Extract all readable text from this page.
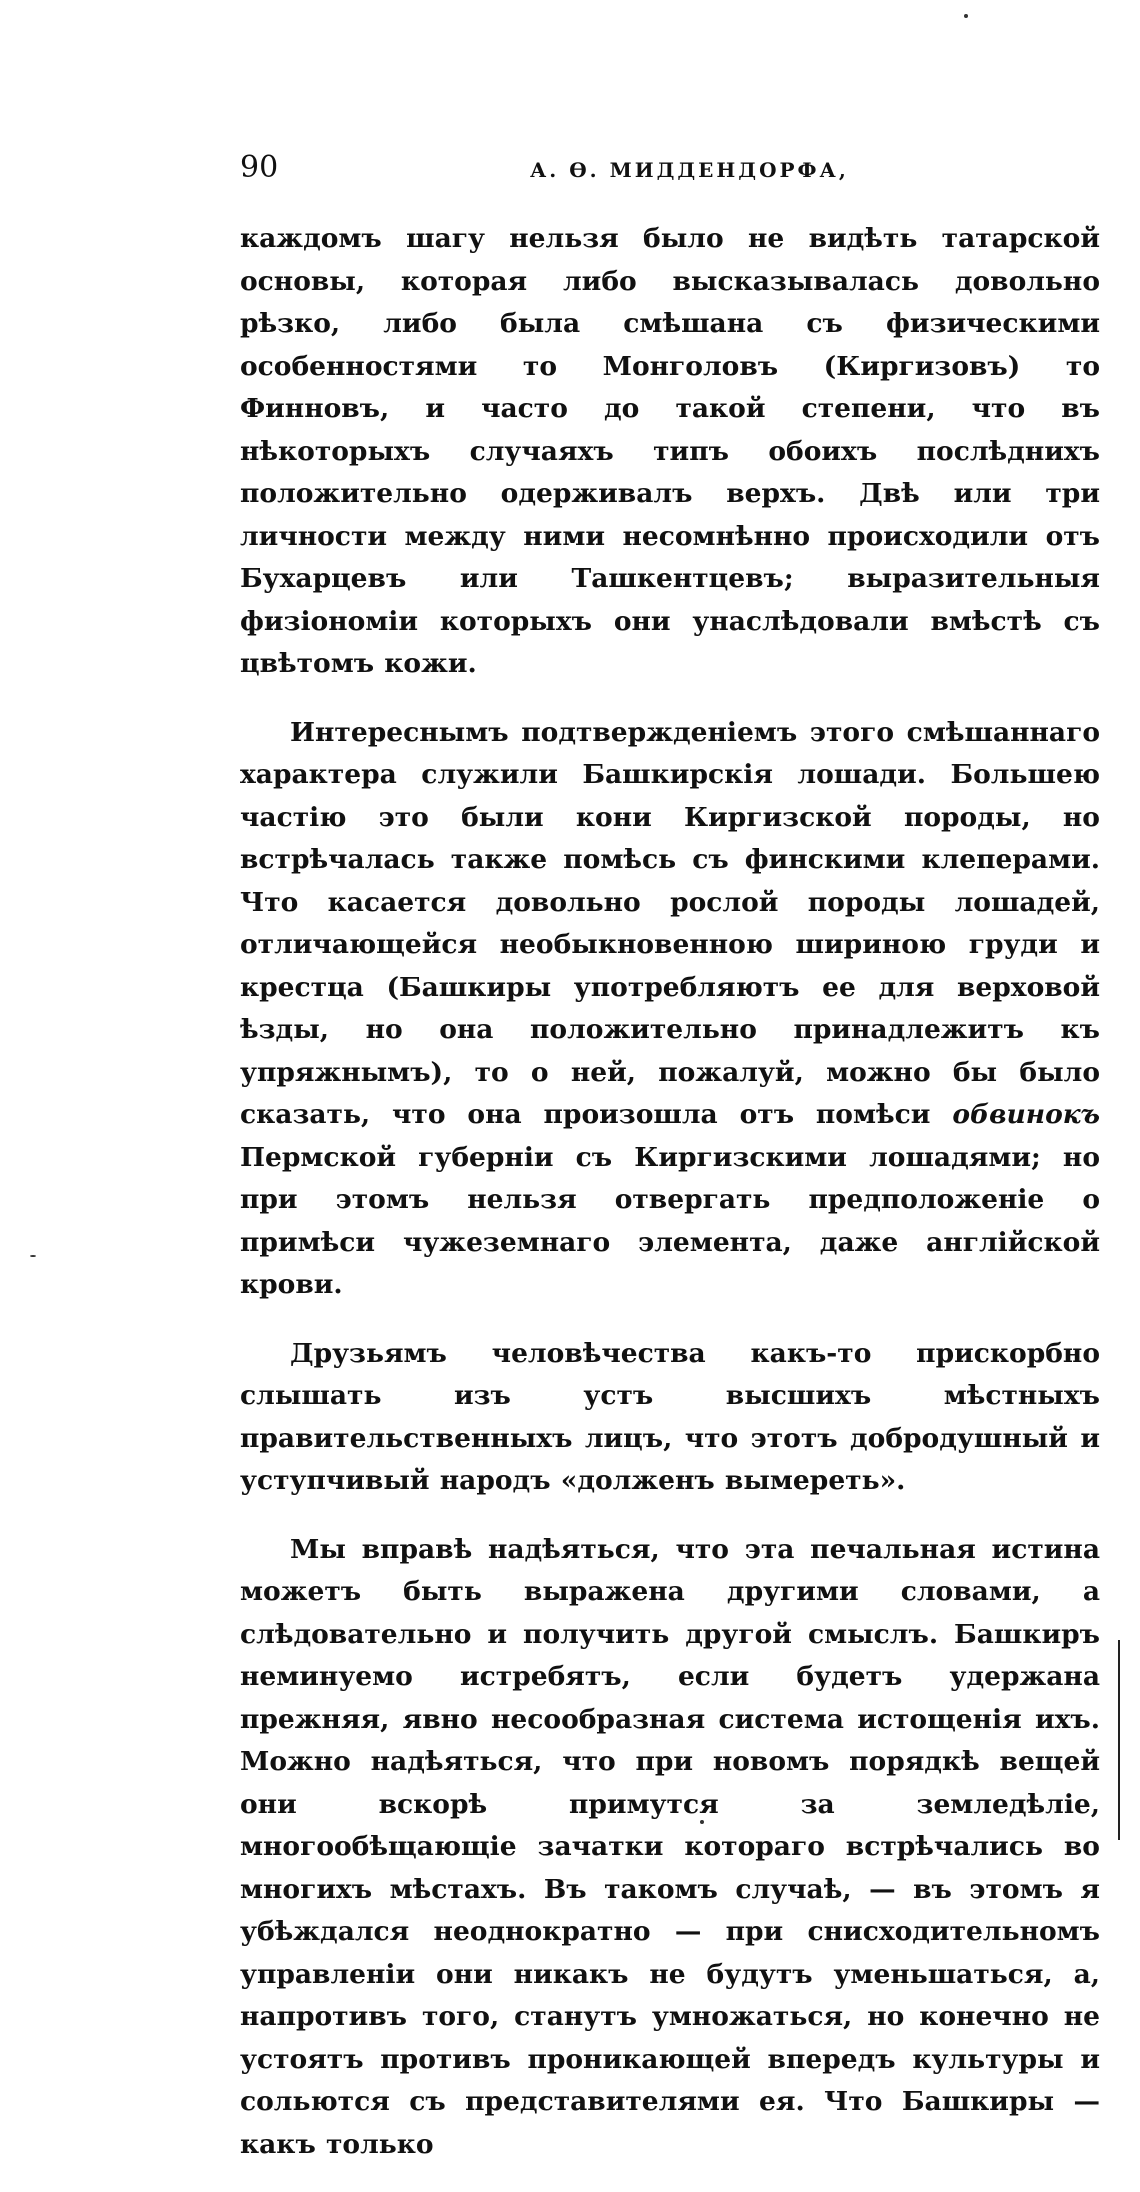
90	А. Ѳ. МИДДЕНДОРФА,

каждомъ шагу нельзя было не видѣть татарской основы, которая либо высказывалась довольно рѣзко, либо была смѣшана съ физическими особенностями то Монголовъ (Киргизовъ) то Финновъ, и часто до такой степени, что въ нѣкоторыхъ случаяхъ типъ обоихъ послѣднихъ положительно одерживалъ верхъ. Двѣ или три личности между ними несомнѣнно происходили отъ Бухарцевъ или Ташкентцевъ; выразительныя физіономіи которыхъ они унаслѣдовали вмѣстѣ съ цвѣтомъ кожи.

Интереснымъ подтвержденіемъ этого смѣшаннаго характера служили Башкирскія лошади. Большею частію это были кони Киргизской породы, но встрѣчалась также помѣсь съ финскими клеперами. Что касается довольно рослой породы лошадей, отличающейся необыкновенною шириною груди и крестца (Башкиры употребляютъ ее для верховой ѣзды, но она положительно принадлежитъ къ упряжнымъ), то о ней, пожалуй, можно бы было сказать, что она произошла отъ помѣси обвинокъ Пермской губерніи съ Киргизскими лошадями; но при этомъ нельзя отвергать предположеніе о примѣси чужеземнаго элемента, даже англійской крови.

Друзьямъ человѣчества какъ-то прискорбно слышать изъ устъ высшихъ мѣстныхъ правительственныхъ лицъ, что этотъ добродушный и уступчивый народъ «долженъ вымереть».

Мы вправѣ надѣяться, что эта печальная истина можетъ быть выражена другими словами, а слѣдовательно и получить другой смыслъ. Башкиръ неминуемо истребятъ, если будетъ удержана прежняя, явно несообразная система истощенія ихъ. Можно надѣяться, что при новомъ порядкѣ вещей они вскорѣ примутся за земледѣліе, многообѣщающіе зачатки котораго встрѣчались во многихъ мѣстахъ. Въ такомъ случаѣ, — въ этомъ я убѣждался неоднократно — при снисходительномъ управленіи они никакъ не будутъ уменьшаться, а, напротивъ того, станутъ умножаться, но конечно не устоятъ противъ проникающей впередъ культуры и сольются съ представителями ея. Что Башкиры — какъ только
